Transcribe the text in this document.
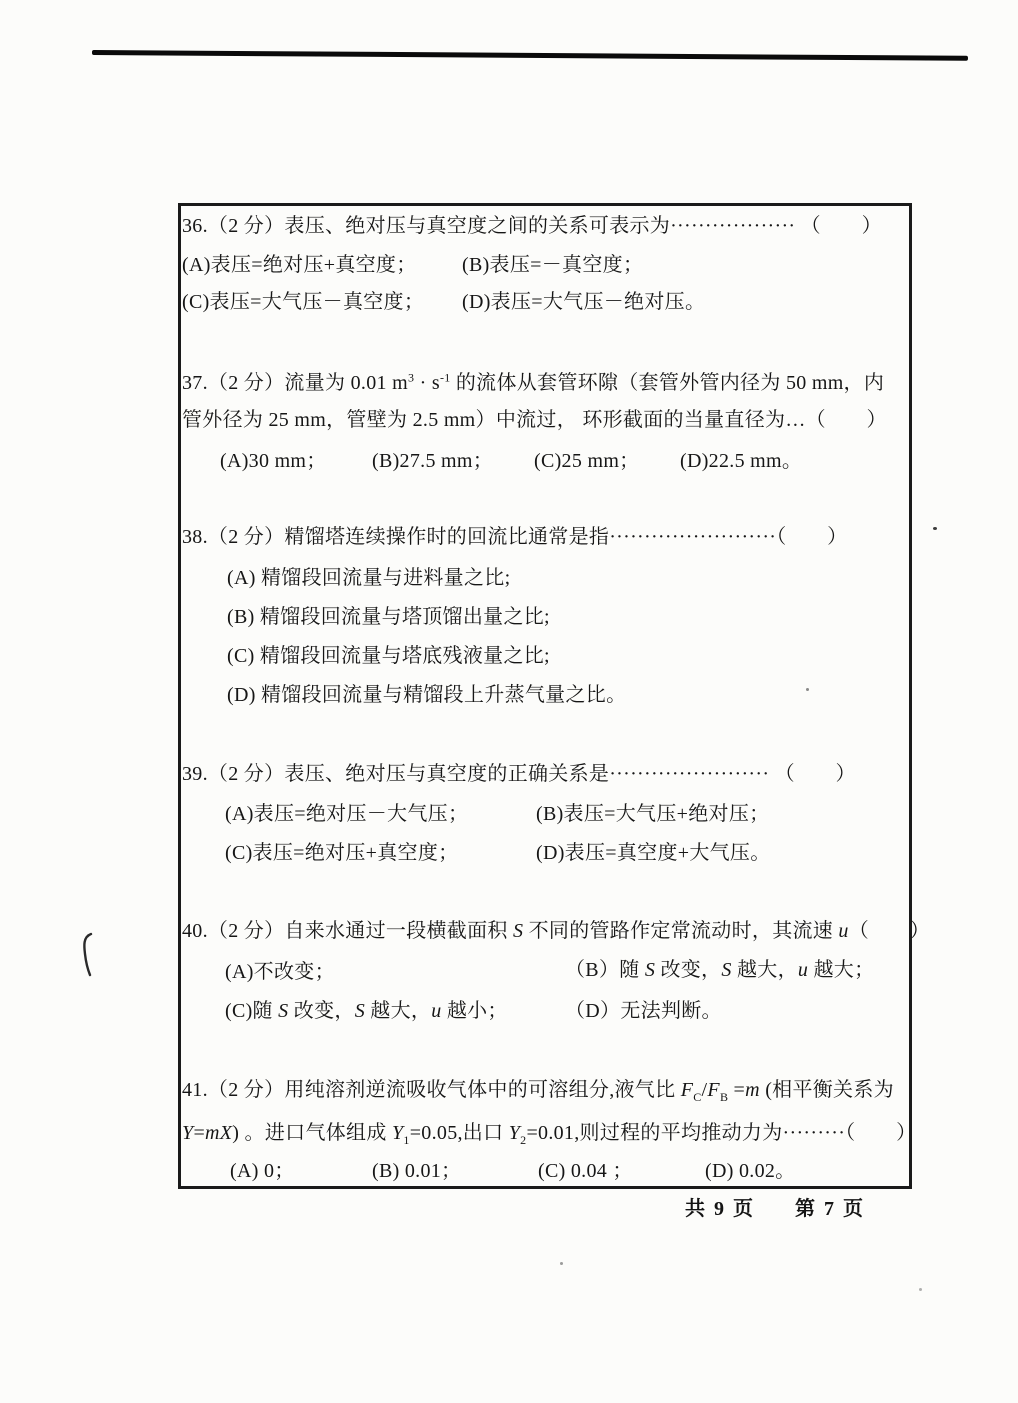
36.（2 分）表压、绝对压与真空度之间的关系可表示为·················· （　　）
(A)表压=绝对压+真空度； (B)表压=－真空度；
(C)表压=大气压－真空度； (D)表压=大气压－绝对压。
37.（2 分）流量为 0.01 $m^3 \cdot s^{-1}$ 的流体从套管环隙（套管外管内径为 50 mm，内
管外径为 25 mm，管壁为 2.5 mm）中流过， 环形截面的当量直径为…（　　）
(A)30 mm； (B)27.5 mm； (C)25 mm； (D)22.5 mm。
38.（2 分）精馏塔连续操作时的回流比通常是指························（　　）
(A) 精馏段回流量与进料量之比;
(B) 精馏段回流量与塔顶馏出量之比;
(C) 精馏段回流量与塔底残液量之比;
(D) 精馏段回流量与精馏段上升蒸气量之比。
39.（2 分）表压、绝对压与真空度的正确关系是······················· （　　）
(A)表压=绝对压－大气压；	(B)表压=大气压+绝对压；
(C)表压=绝对压+真空度；	(D)表压=真空度+大气压。
40.（2 分）自来水通过一段横截面积 S 不同的管路作定常流动时，其流速 u（　　）
(A)不改变；	（B）随 S 改变，S 越大，u 越大；
(C)随 S 改变，S 越大，u 越小；	（D）无法判断。
41.（2 分）用纯溶剂逆流吸收气体中的可溶组分,液气比 $F_C/F_B =m$ (相平衡关系为
Y=mX) 。进口气体组成 $Y_1=0.05$,出口 $Y_2=0.01$,则过程的平均推动力为·········（　　）
(A) 0；	(B) 0.01；	(C) 0.04 ；	(D) 0.02。
共 9 页 第 7 页
